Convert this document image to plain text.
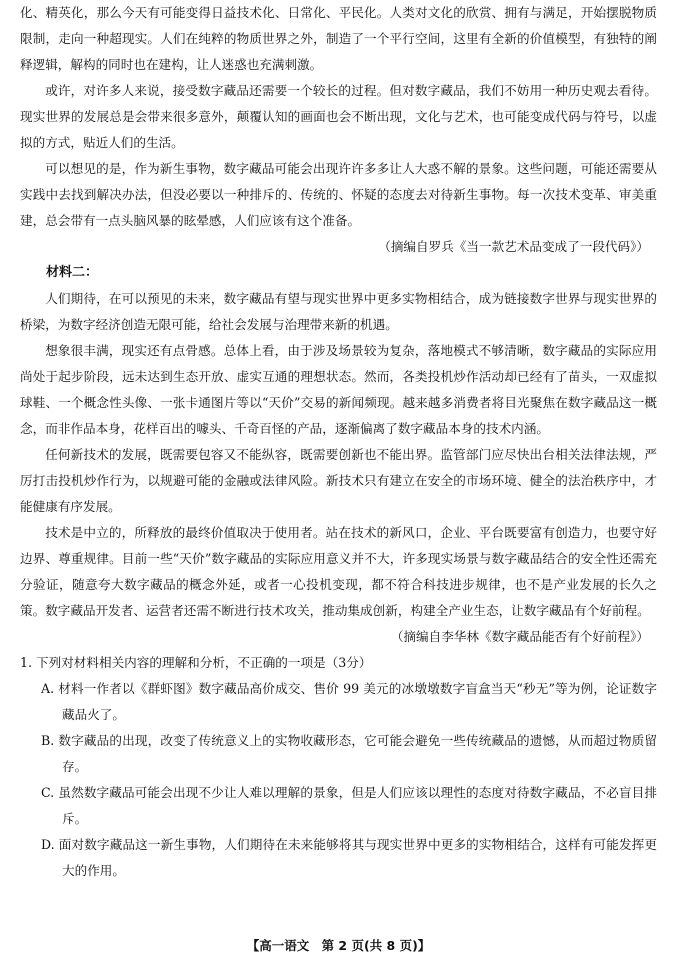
化、精英化，那么今天有可能变得日益技术化、日常化、平民化。人类对文化的欣赏、拥有与满足，开始摆脱物质限制，走向一种超现实。人们在纯粹的物质世界之外，制造了一个平行空间，这里有全新的价值模型，有独特的阐释逻辑，解构的同时也在建构，让人迷惑也充满刺激。

或许，对许多人来说，接受数字藏品还需要一个较长的过程。但对数字藏品，我们不妨用一种历史观去看待。现实世界的发展总是会带来很多意外，颠覆认知的画面也会不断出现，文化与艺术，也可能变成代码与符号，以虚拟的方式，贴近人们的生活。

可以想见的是，作为新生事物，数字藏品可能会出现许许多多让人大惑不解的景象。这些问题，可能还需要从实践中去找到解决办法，但没必要以一种排斥的、传统的、怀疑的态度去对待新生事物。每一次技术变革、审美重建，总会带有一点头脑风暴的眩晕感，人们应该有这个准备。

（摘编自罗兵《当一款艺术品变成了一段代码》）

材料二：

人们期待，在可以预见的未来，数字藏品有望与现实世界中更多实物相结合，成为链接数字世界与现实世界的桥梁，为数字经济创造无限可能，给社会发展与治理带来新的机遇。

想象很丰满，现实还有点骨感。总体上看，由于涉及场景较为复杂，落地模式不够清晰，数字藏品的实际应用尚处于起步阶段，远未达到生态开放、虚实互通的理想状态。然而，各类投机炒作活动却已经有了苗头，一双虚拟球鞋、一个概念性头像、一张卡通图片等以“天价”交易的新闻频现。越来越多消费者将目光聚焦在数字藏品这一概念，而非作品本身，花样百出的噱头、千奇百怪的产品，逐渐偏离了数字藏品本身的技术内涵。

任何新技术的发展，既需要包容又不能纵容，既需要创新也不能出界。监管部门应尽快出台相关法律法规，严厉打击投机炒作行为，以规避可能的金融或法律风险。新技术只有建立在安全的市场环境、健全的法治秩序中，才能健康有序发展。

技术是中立的，所释放的最终价值取决于使用者。站在技术的新风口，企业、平台既要富有创造力，也要守好边界、尊重规律。目前一些“天价”数字藏品的实际应用意义并不大，许多现实场景与数字藏品结合的安全性还需充分验证，随意夸大数字藏品的概念外延，或者一心投机变现，都不符合科技进步规律，也不是产业发展的长久之策。数字藏品开发者、运营者还需不断进行技术攻关，推动集成创新，构建全产业生态，让数字藏品有个好前程。

（摘编自李华林《数字藏品能否有个好前程》）

1. 下列对材料相关内容的理解和分析，不正确的一项是（3分）

A. 材料一作者以《群虾图》数字藏品高价成交、售价 99 美元的冰墩墩数字盲盒当天“秒无”等为例，论证数字藏品火了。

B. 数字藏品的出现，改变了传统意义上的实物收藏形态，它可能会避免一些传统藏品的遗憾，从而超过物质留存。

C. 虽然数字藏品可能会出现不少让人难以理解的景象，但是人们应该以理性的态度对待数字藏品，不必盲目排斥。

D. 面对数字藏品这一新生事物，人们期待在未来能够将其与现实世界中更多的实物相结合，这样有可能发挥更大的作用。

【高一语文 第 2 页(共 8 页)】
